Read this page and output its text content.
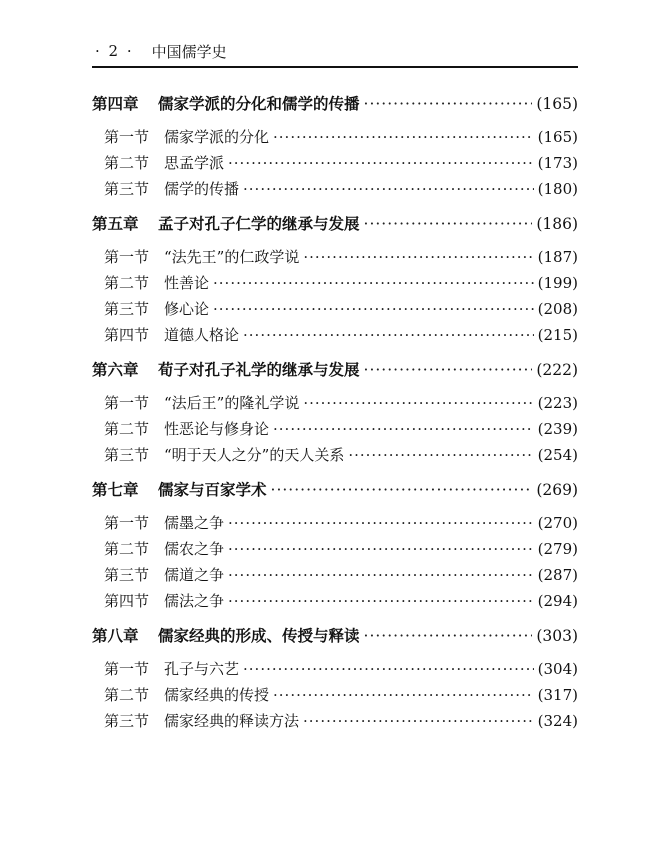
· 2 · 中国儒学史
第四章	儒家学派的分化和儒学的传播 ·····	(165)
第一节 儒家学派的分化 ·····	(165)
第二节 思孟学派 ·····	(173)
第三节 儒学的传播 ·····	(180)
第五章	孟子对孔子仁学的继承与发展 ·····	(186)
第一节 “法先王”的仁政学说 ·····	(187)
第二节 性善论 ·····	(199)
第三节 修心论 ·····	(208)
第四节 道德人格论 ·····	(215)
第六章	荀子对孔子礼学的继承与发展 ·····	(222)
第一节 “法后王”的隆礼学说 ·····	(223)
第二节 性恶论与修身论 ·····	(239)
第三节 “明于天人之分”的天人关系 ·····	(254)
第七章	儒家与百家学术 ·····	(269)
第一节 儒墨之争 ·····	(270)
第二节 儒农之争 ·····	(279)
第三节 儒道之争 ·····	(287)
第四节 儒法之争 ·····	(294)
第八章	儒家经典的形成、传授与释读 ·····	(303)
第一节 孔子与六艺 ·····	(304)
第二节 儒家经典的传授 ·····	(317)
第三节 儒家经典的释读方法 ·····	(324)
